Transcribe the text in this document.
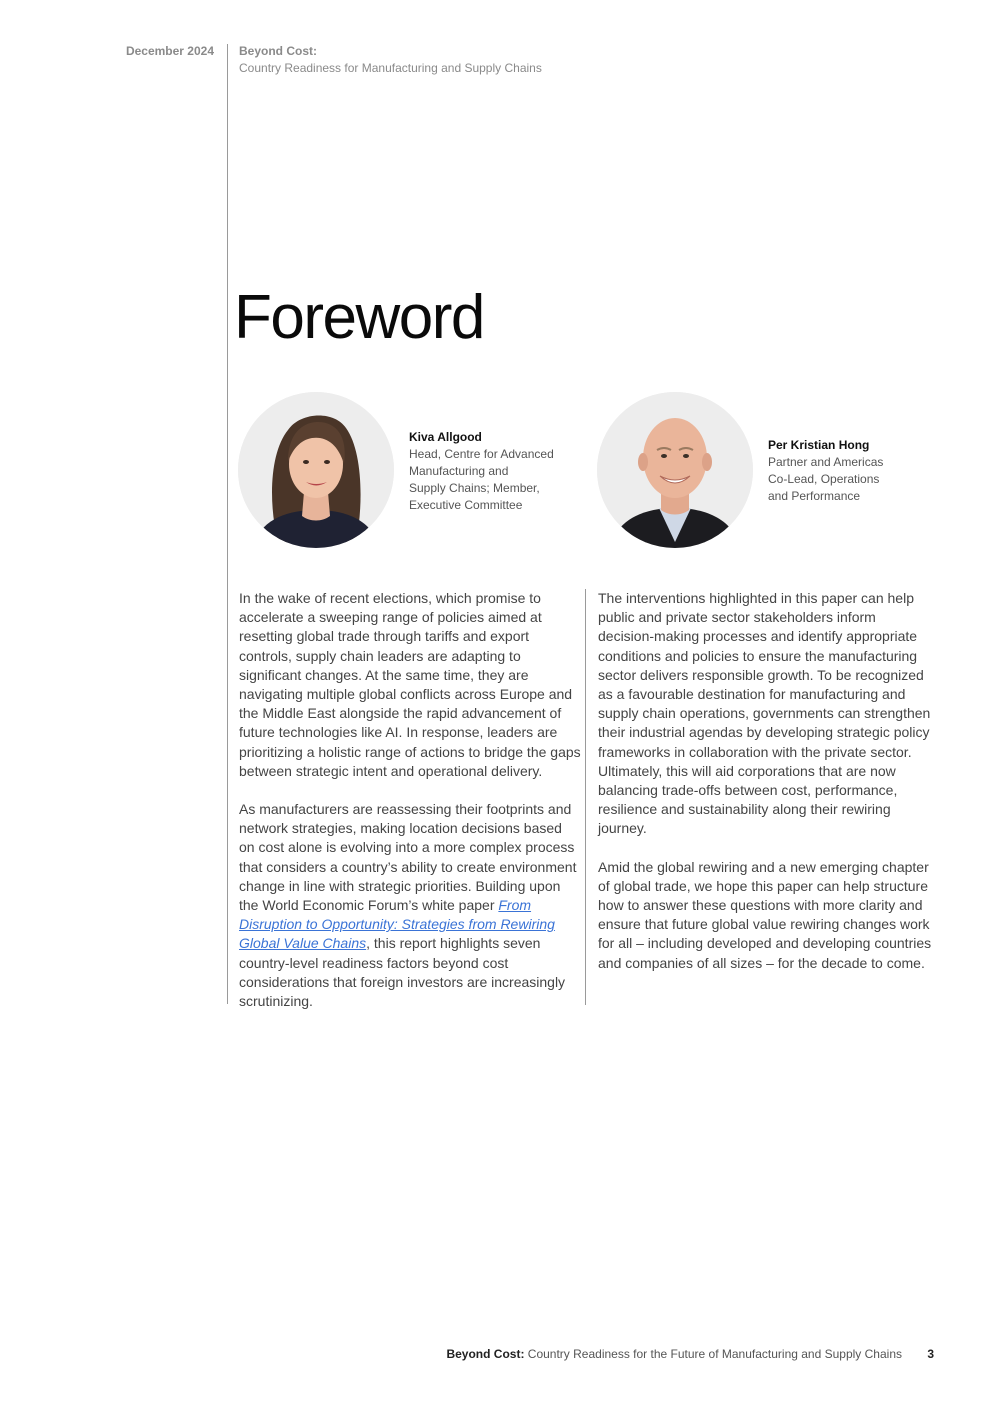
December 2024 Beyond Cost:
Country Readiness for Manufacturing and Supply Chains
Foreword
Kiva Allgood
Head, Centre for Advanced
Manufacturing and
Supply Chains; Member,
Executive Committee
Per Kristian Hong
Partner and Americas
Co-Lead, Operations
and Performance

In the wake of recent elections, which promise to accelerate a sweeping range of policies aimed at resetting global trade through tariffs and export controls, supply chain leaders are adapting to significant changes. At the same time, they are navigating multiple global conflicts across Europe and the Middle East alongside the rapid advancement of future technologies like AI. In response, leaders are prioritizing a holistic range of actions to bridge the gaps between strategic intent and operational delivery.

As manufacturers are reassessing their footprints and network strategies, making location decisions based on cost alone is evolving into a more complex process that considers a country’s ability to create environment change in line with strategic priorities. Building upon the World Economic Forum’s white paper From Disruption to Opportunity: Strategies from Rewiring Global Value Chains, this report highlights seven country-level readiness factors beyond cost considerations that foreign investors are increasingly scrutinizing.

The interventions highlighted in this paper can help public and private sector stakeholders inform decision-making processes and identify appropriate conditions and policies to ensure the manufacturing sector delivers responsible growth. To be recognized as a favourable destination for manufacturing and supply chain operations, governments can strengthen their industrial agendas by developing strategic policy frameworks in collaboration with the private sector. Ultimately, this will aid corporations that are now balancing trade-offs between cost, performance, resilience and sustainability along their rewiring journey.

Amid the global rewiring and a new emerging chapter of global trade, we hope this paper can help structure how to answer these questions with more clarity and ensure that future global value rewiring changes work for all – including developed and developing countries and companies of all sizes – for the decade to come.

Beyond Cost: Country Readiness for the Future of Manufacturing and Supply Chains	3
